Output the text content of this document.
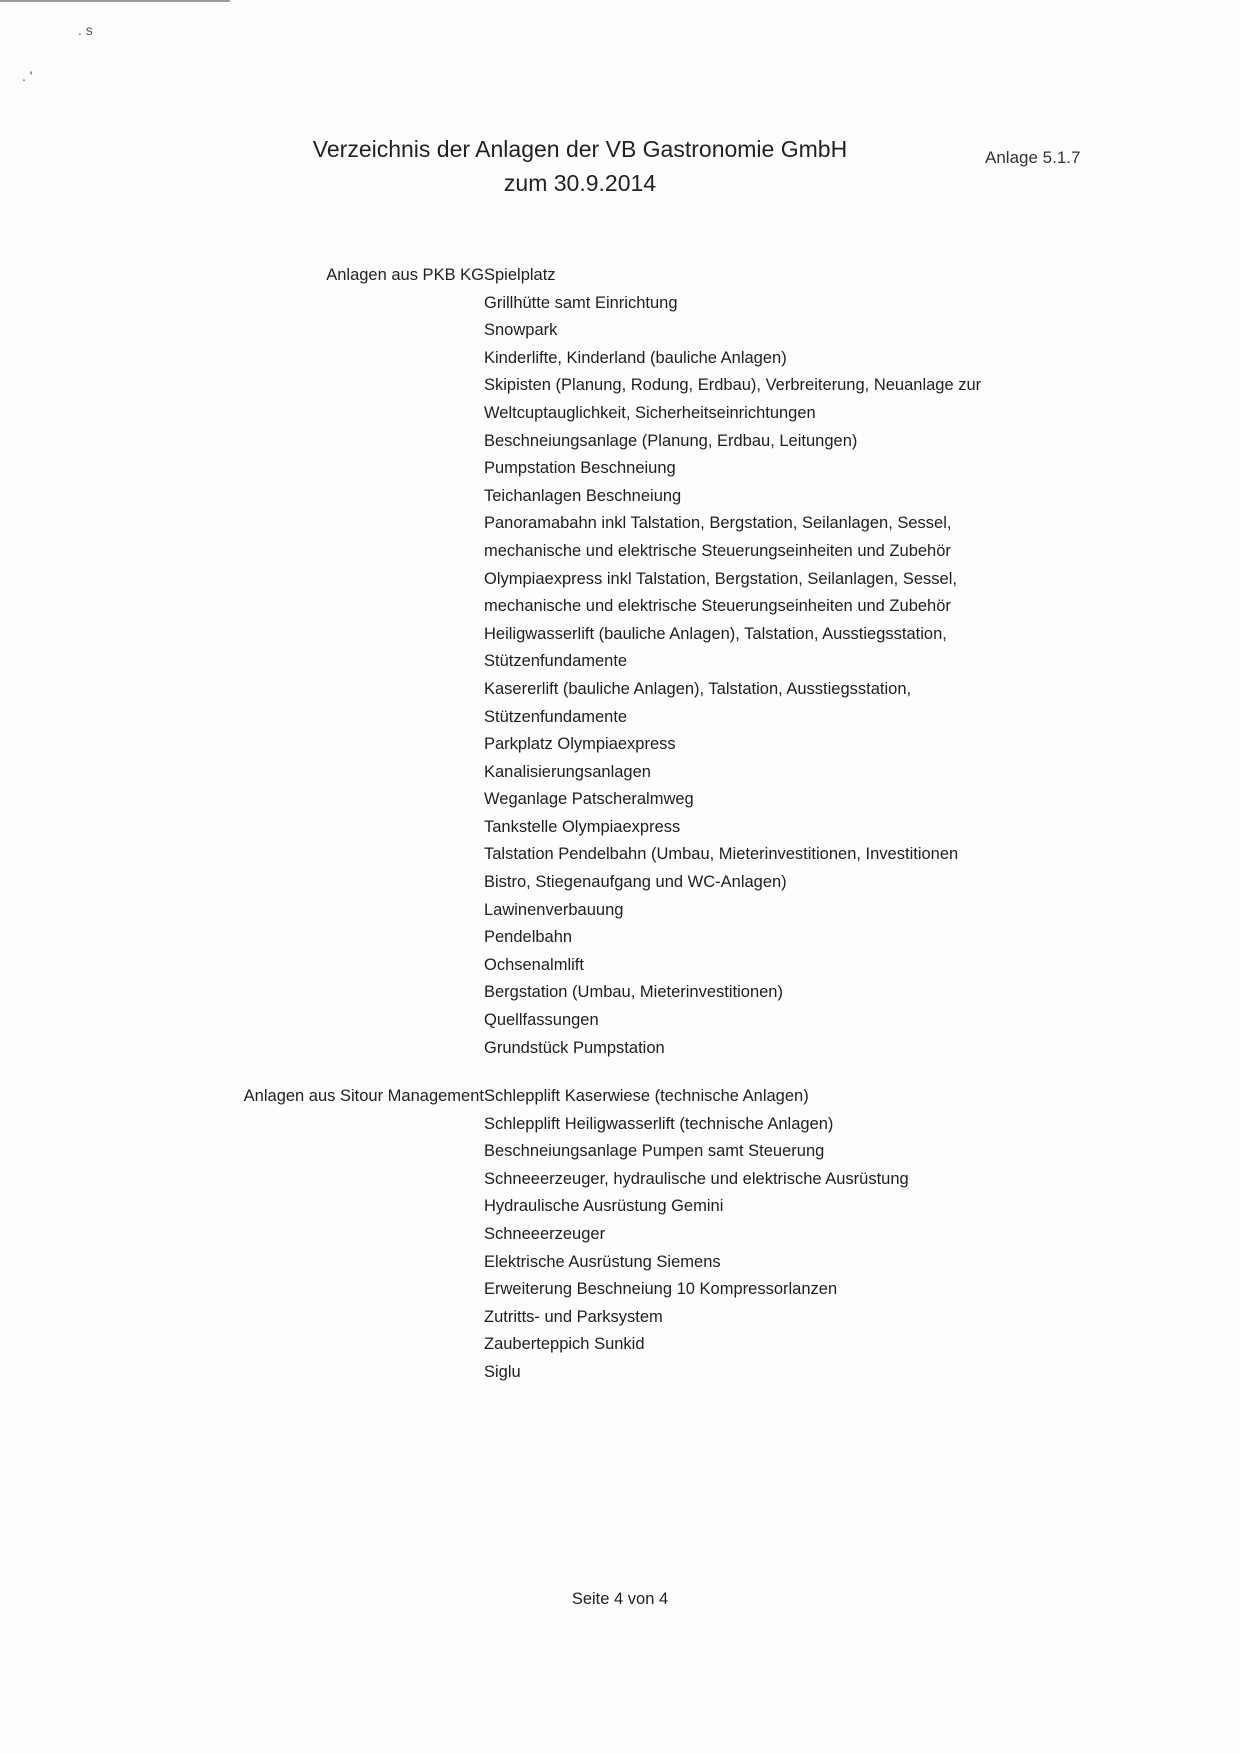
. s
. '
Verzeichnis der Anlagen der VB Gastronomie GmbH
zum 30.9.2014
Anlage 5.1.7
Anlagen aus PKB KG Spielplatz
Grillhütte samt Einrichtung
Snowpark
Kinderlifte, Kinderland (bauliche Anlagen)
Skipisten (Planung, Rodung, Erdbau), Verbreiterung, Neuanlage zur
Weltcuptauglichkeit, Sicherheitseinrichtungen
Beschneiungsanlage (Planung, Erdbau, Leitungen)
Pumpstation Beschneiung
Teichanlagen Beschneiung
Panoramabahn inkl Talstation, Bergstation, Seilanlagen, Sessel,
mechanische und elektrische Steuerungseinheiten und Zubehör
Olympiaexpress inkl Talstation, Bergstation, Seilanlagen, Sessel,
mechanische und elektrische Steuerungseinheiten und Zubehör
Heiligwasserlift (bauliche Anlagen), Talstation, Ausstiegsstation,
Stützenfundamente
Kasererlift (bauliche Anlagen), Talstation, Ausstiegsstation,
Stützenfundamente
Parkplatz Olympiaexpress
Kanalisierungsanlagen
Weganlage Patscheralmweg
Tankstelle Olympiaexpress
Talstation Pendelbahn (Umbau, Mieterinvestitionen, Investitionen
Bistro, Stiegenaufgang und WC-Anlagen)
Lawinenverbauung
Pendelbahn
Ochsenalmlift
Bergstation (Umbau, Mieterinvestitionen)
Quellfassungen
Grundstück Pumpstation
Anlagen aus Sitour Management Schlepplift Kaserwiese (technische Anlagen)
Schlepplift Heiligwasserlift (technische Anlagen)
Beschneiungsanlage Pumpen samt Steuerung
Schneeerzeuger, hydraulische und elektrische Ausrüstung
Hydraulische Ausrüstung Gemini
Schneeerzeuger
Elektrische Ausrüstung Siemens
Erweiterung Beschneiung 10 Kompressorlanzen
Zutritts- und Parksystem
Zauberteppich Sunkid
Siglu
Seite 4 von 4
